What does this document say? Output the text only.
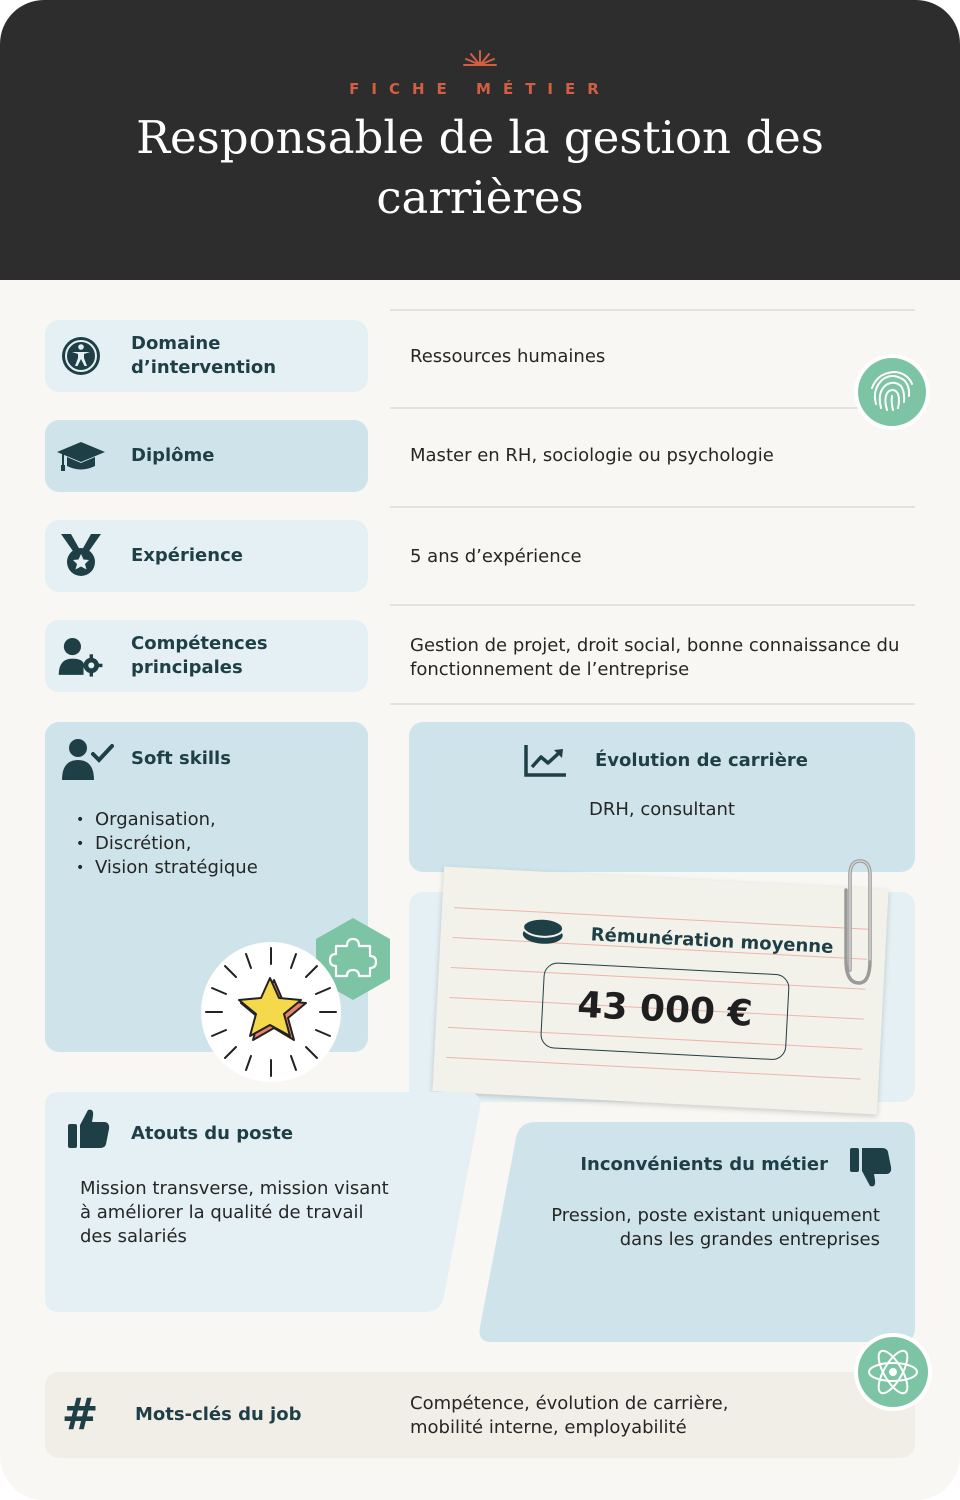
FICHE MÉTIER
Responsable de la gestion des carrières
Domaine d’intervention
Ressources humaines
Diplôme	Master en RH, sociologie ou psychologie
Expérience	5 ans d’expérience
Compétences principales
Gestion de projet, droit social, bonne connaissance du fonctionnement de l’entreprise
Soft skills
• Organisation,
• Discrétion,
• Vision stratégique
Évolution de carrière
DRH, consultant
Rémunération moyenne
43 000 €
Atouts du poste
Mission transverse, mission visant à améliorer la qualité de travail des salariés
Inconvénients du métier
Pression, poste existant uniquement dans les grandes entreprises
# Mots-clés du job
Compétence, évolution de carrière, mobilité interne, employabilité
